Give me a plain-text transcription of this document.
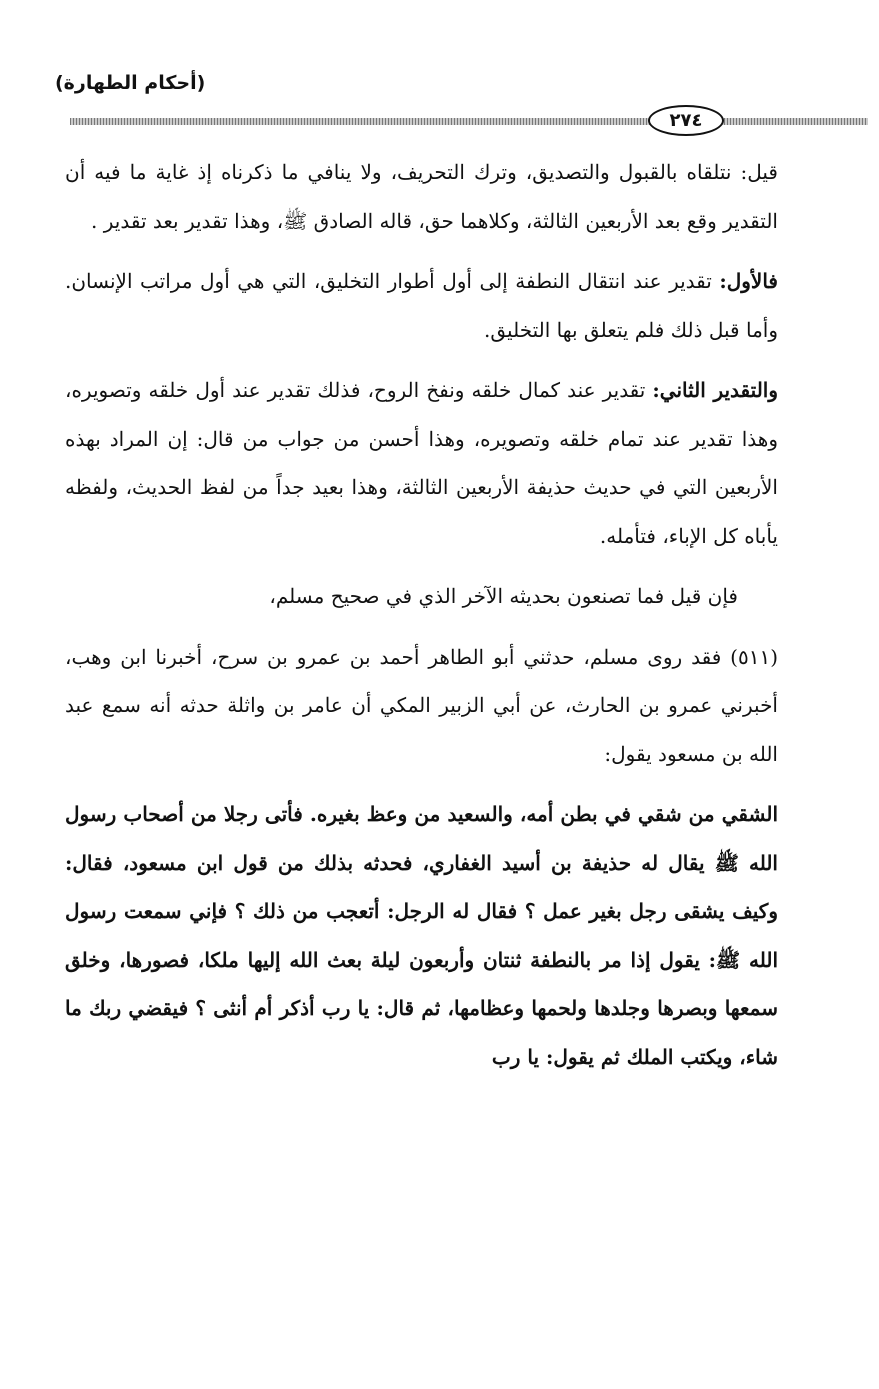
(أحكام الطهارة)
٢٧٤

قيل: نتلقاه بالقبول والتصديق، وترك التحريف، ولا ينافي ما ذكرناه إذ غاية ما فيه أن التقدير وقع بعد الأربعين الثالثة، وكلاهما حق، قاله الصادق ﷺ، وهذا تقدير بعد تقدير .

فالأول: تقدير عند انتقال النطفة إلى أول أطوار التخليق، التي هي أول مراتب الإنسان. وأما قبل ذلك فلم يتعلق بها التخليق.

والتقدير الثاني: تقدير عند كمال خلقه ونفخ الروح، فذلك تقدير عند أول خلقه وتصويره، وهذا تقدير عند تمام خلقه وتصويره، وهذا أحسن من جواب من قال: إن المراد بهذه الأربعين التي في حديث حذيفة الأربعين الثالثة، وهذا بعيد جداً من لفظ الحديث، ولفظه يأباه كل الإباء، فتأمله.

فإن قيل فما تصنعون بحديثه الآخر الذي في صحيح مسلم،

(٥١١) فقد روى مسلم، حدثني أبو الطاهر أحمد بن عمرو بن سرح، أخبرنا ابن وهب، أخبرني عمرو بن الحارث، عن أبي الزبير المكي أن عامر بن واثلة حدثه أنه سمع عبد الله بن مسعود يقول:

الشقي من شقي في بطن أمه، والسعيد من وعظ بغيره. فأتى رجلا من أصحاب رسول الله ﷺ يقال له حذيفة بن أسيد الغفاري، فحدثه بذلك من قول ابن مسعود، فقال: وكيف يشقى رجل بغير عمل ؟ فقال له الرجل: أتعجب من ذلك ؟ فإني سمعت رسول الله ﷺ: يقول إذا مر بالنطفة ثنتان وأربعون ليلة بعث الله إليها ملكا، فصورها، وخلق سمعها وبصرها وجلدها ولحمها وعظامها، ثم قال: يا رب أذكر أم أنثى ؟ فيقضي ربك ما شاء، ويكتب الملك ثم يقول: يا رب
